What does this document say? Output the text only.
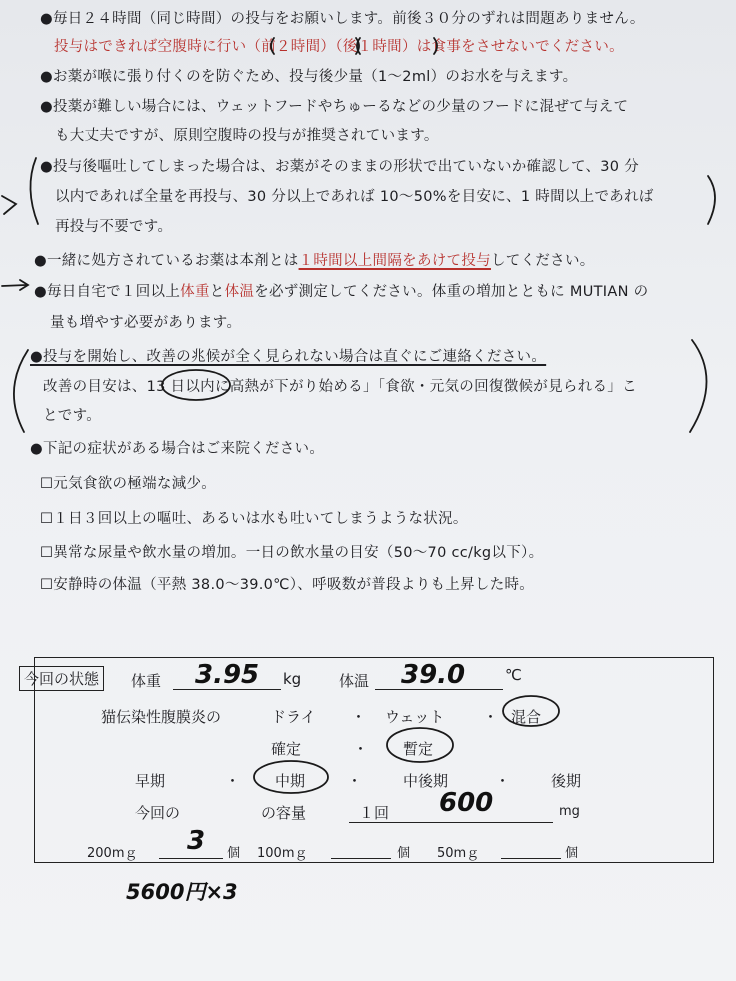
●毎日２４時間（同じ時間）の投与をお願いします。前後３０分のずれは問題ありません。
投与はできれば空腹時に行い（前２時間）（後１時間）は食事をさせないでください。
●お薬が喉に張り付くのを防ぐため、投与後少量（1〜2ml）のお水を与えます。
●投薬が難しい場合には、ウェットフードやちゅーるなどの少量のフードに混ぜて与えて
も大丈夫ですが、原則空腹時の投与が推奨されています。
●投与後嘔吐してしまった場合は、お薬がそのままの形状で出ていないか確認して、30 分
以内であれば全量を再投与、30 分以上であれば 10〜50%を目安に、1 時間以上であれば
再投与不要です。
●一緒に処方されているお薬は本剤とは１時間以上間隔をあけて投与してください。
●毎日自宅で１回以上体重と体温を必ず測定してください。体重の増加とともに MUTIAN の
量も増やす必要があります。
●投与を開始し、改善の兆候が全く見られない場合は直ぐにご連絡ください。
改善の目安は、13 日以内に高熱が下がり始める」「食欲・元気の回復徴候が見られる」こ
とです。
●下記の症状がある場合はご来院ください。
☐元気食欲の極端な減少。
☐１日３回以上の嘔吐、あるいは水も吐いてしまうような状況。
☐異常な尿量や飲水量の増加。一日の飲水量の目安（50〜70 cc/kg以下）。
☐安静時の体温（平熱 38.0〜39.0℃）、呼吸数が普段よりも上昇した時。
今回の状態	体重 3.95 kg	体温 39.0	℃
猫伝染性腹膜炎の	ドライ ・ ウェット	・ 混合
確定	・ 暫定
早期	・ 中期	・	中後期	・	後期
今回の	の容量	１回 600	mg
200mｇ 3 個 100mｇ	個 50mｇ	個
5600円×3
